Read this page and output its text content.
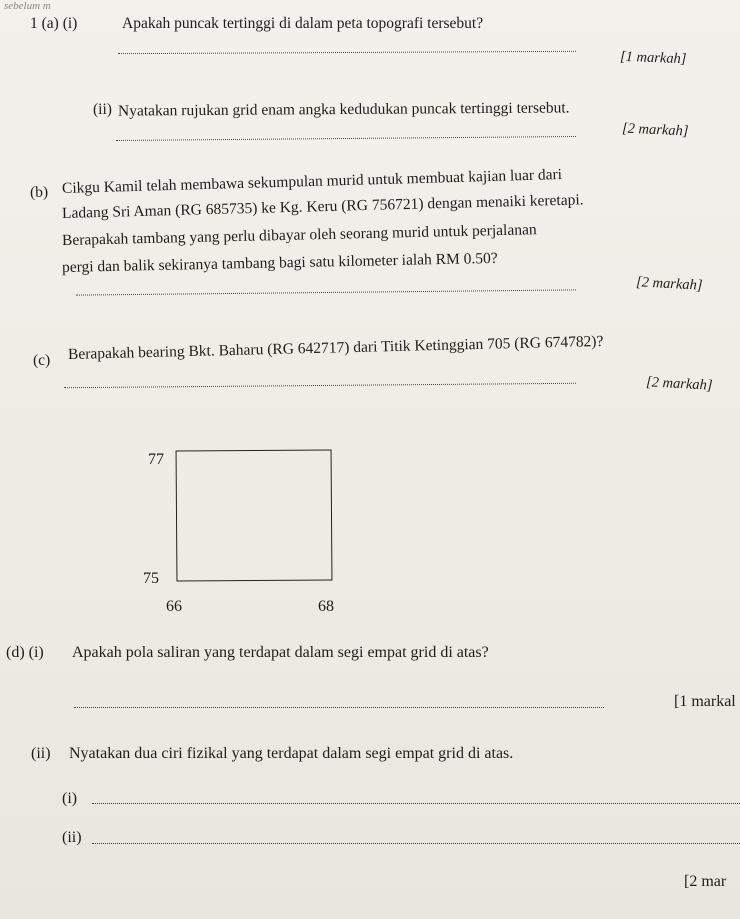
sebelum m
1 (a) (i)	Apakah puncak tertinggi di dalam peta topografi tersebut?
[1 markah]
(ii) Nyatakan rujukan grid enam angka kedudukan puncak tertinggi tersebut.
[2 markah]
(b) Cikgu Kamil telah membawa sekumpulan murid untuk membuat kajian luar dari
Ladang Sri Aman (RG 685735) ke Kg. Keru (RG 756721) dengan menaiki keretapi.
Berapakah tambang yang perlu dibayar oleh seorang murid untuk perjalanan
pergi dan balik sekiranya tambang bagi satu kilometer ialah RM 0.50?
[2 markah]
(c) Berapakah bearing Bkt. Baharu (RG 642717) dari Titik Ketinggian 705 (RG 674782)?
[2 markah]
77
75
66	68
(d) (i) Apakah pola saliran yang terdapat dalam segi empat grid di atas?
[1 markal
(ii) Nyatakan dua ciri fizikal yang terdapat dalam segi empat grid di atas.
(i)
(ii)
[2 mar
